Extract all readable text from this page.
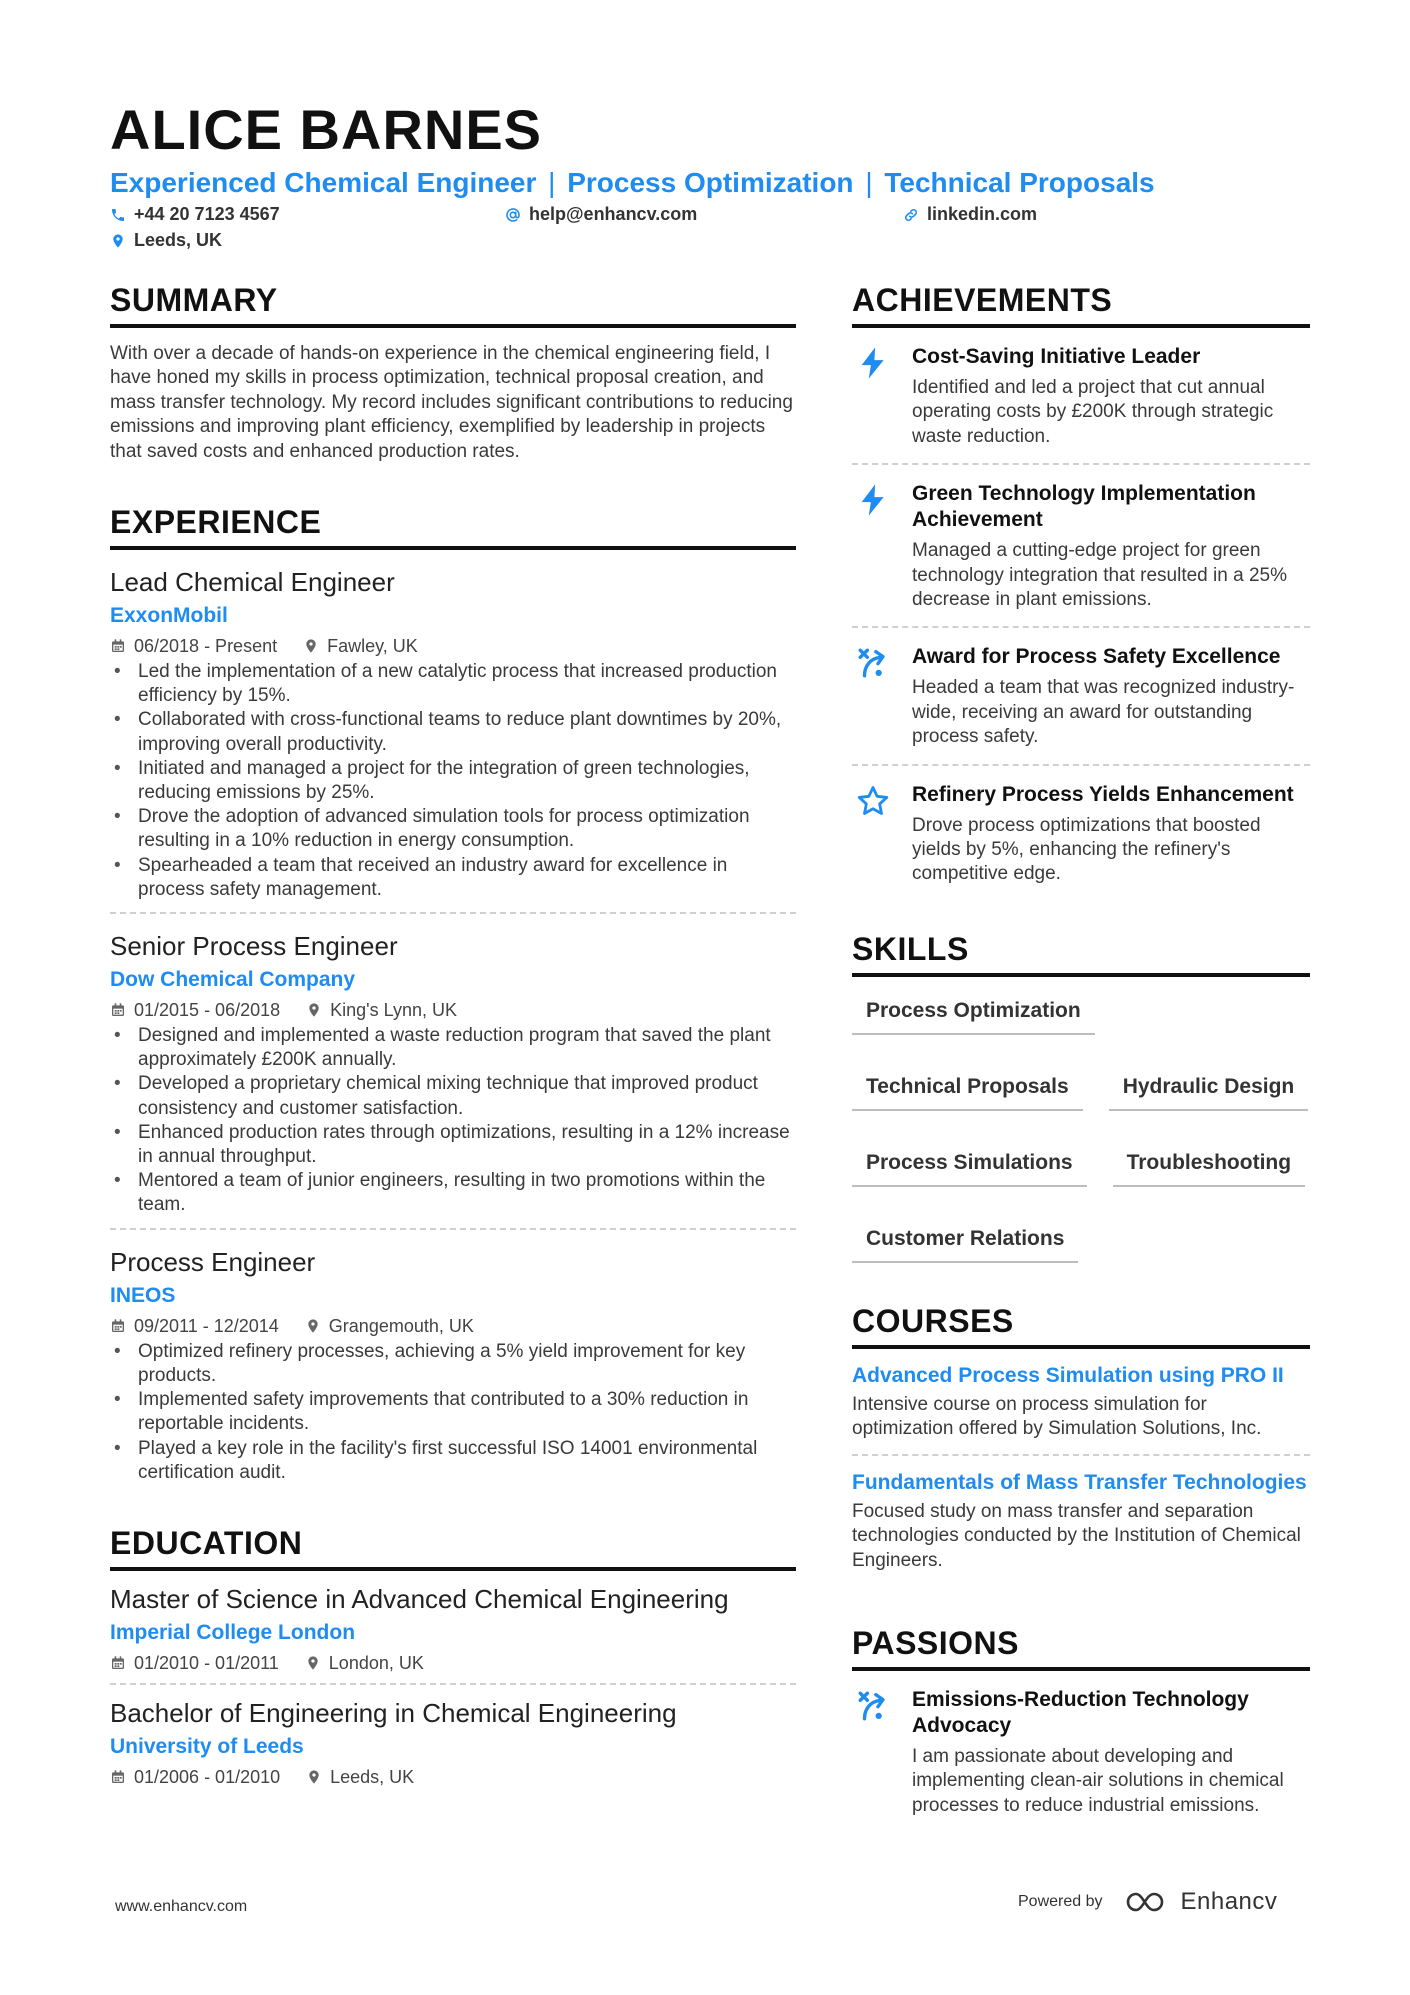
ALICE BARNES
Experienced Chemical Engineer | Process Optimization | Technical Proposals
+44 20 7123 4567	help@enhancv.com	linkedin.com
Leeds, UK
SUMMARY

With over a decade of hands-on experience in the chemical engineering field, I have honed my skills in process optimization, technical proposal creation, and mass transfer technology. My record includes significant contributions to reducing emissions and improving plant efficiency, exemplified by leadership in projects that saved costs and enhanced production rates.

EXPERIENCE
Lead Chemical Engineer
ExxonMobil
06/2018 - Present	Fawley, UK
• Led the implementation of a new catalytic process that increased production efficiency by 15%.
• Collaborated with cross-functional teams to reduce plant downtimes by 20%, improving overall productivity.
• Initiated and managed a project for the integration of green technologies, reducing emissions by 25%.
• Drove the adoption of advanced simulation tools for process optimization resulting in a 10% reduction in energy consumption.
• Spearheaded a team that received an industry award for excellence in process safety management.
Senior Process Engineer
Dow Chemical Company
01/2015 - 06/2018	King's Lynn, UK
• Designed and implemented a waste reduction program that saved the plant approximately £200K annually.
• Developed a proprietary chemical mixing technique that improved product consistency and customer satisfaction.
• Enhanced production rates through optimizations, resulting in a 12% increase in annual throughput.
• Mentored a team of junior engineers, resulting in two promotions within the team.
Process Engineer
INEOS
09/2011 - 12/2014	Grangemouth, UK
• Optimized refinery processes, achieving a 5% yield improvement for key products.
• Implemented safety improvements that contributed to a 30% reduction in reportable incidents.
• Played a key role in the facility's first successful ISO 14001 environmental certification audit.
EDUCATION
Master of Science in Advanced Chemical Engineering
Imperial College London
01/2010 - 01/2011	London, UK
Bachelor of Engineering in Chemical Engineering
University of Leeds
01/2006 - 01/2010	Leeds, UK
ACHIEVEMENTS
Cost-Saving Initiative Leader
Identified and led a project that cut annual operating costs by £200K through strategic waste reduction.
Green Technology Implementation Achievement
Managed a cutting-edge project for green technology integration that resulted in a 25% decrease in plant emissions.
Award for Process Safety Excellence
Headed a team that was recognized industry-wide, receiving an award for outstanding process safety.
Refinery Process Yields Enhancement
Drove process optimizations that boosted yields by 5%, enhancing the refinery's competitive edge.
SKILLS
Process Optimization
Technical Proposals	Hydraulic Design
Process Simulations	Troubleshooting
Customer Relations
COURSES
Advanced Process Simulation using PRO II
Intensive course on process simulation for optimization offered by Simulation Solutions, Inc.
Fundamentals of Mass Transfer Technologies
Focused study on mass transfer and separation technologies conducted by the Institution of Chemical Engineers.
PASSIONS
Emissions-Reduction Technology Advocacy
I am passionate about developing and implementing clean-air solutions in chemical processes to reduce industrial emissions.
www.enhancv.com	Powered by	Enhancv
